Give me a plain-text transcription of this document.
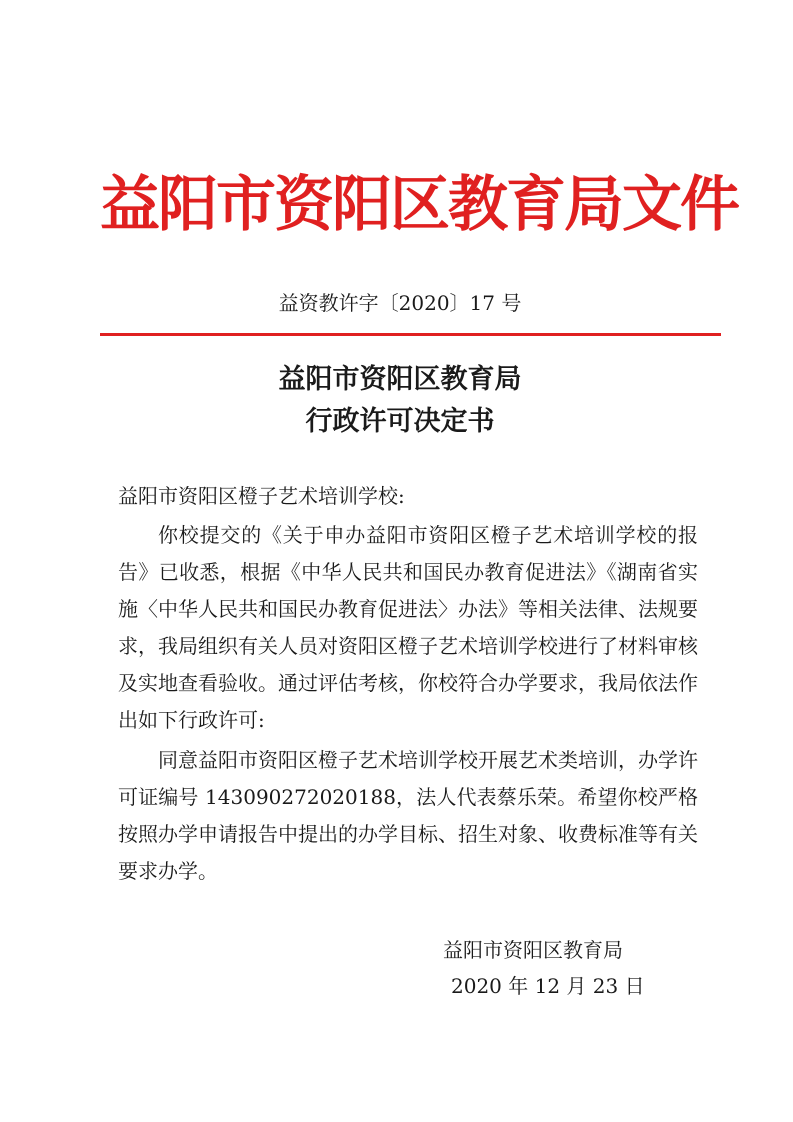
益阳市资阳区教育局文件
益资教许字〔2020〕17 号
益阳市资阳区教育局
行政许可决定书
益阳市资阳区橙子艺术培训学校:

你校提交的《关于申办益阳市资阳区橙子艺术培训学校的报告》已收悉，根据《中华人民共和国民办教育促进法》《湖南省实施〈中华人民共和国民办教育促进法〉办法》等相关法律、法规要求，我局组织有关人员对资阳区橙子艺术培训学校进行了材料审核及实地查看验收。通过评估考核，你校符合办学要求，我局依法作出如下行政许可:

同意益阳市资阳区橙子艺术培训学校开展艺术类培训，办学许可证编号 143090272020188，法人代表蔡乐荣。希望你校严格按照办学申请报告中提出的办学目标、招生对象、收费标准等有关要求办学。

益阳市资阳区教育局
2020 年 12 月 23 日
